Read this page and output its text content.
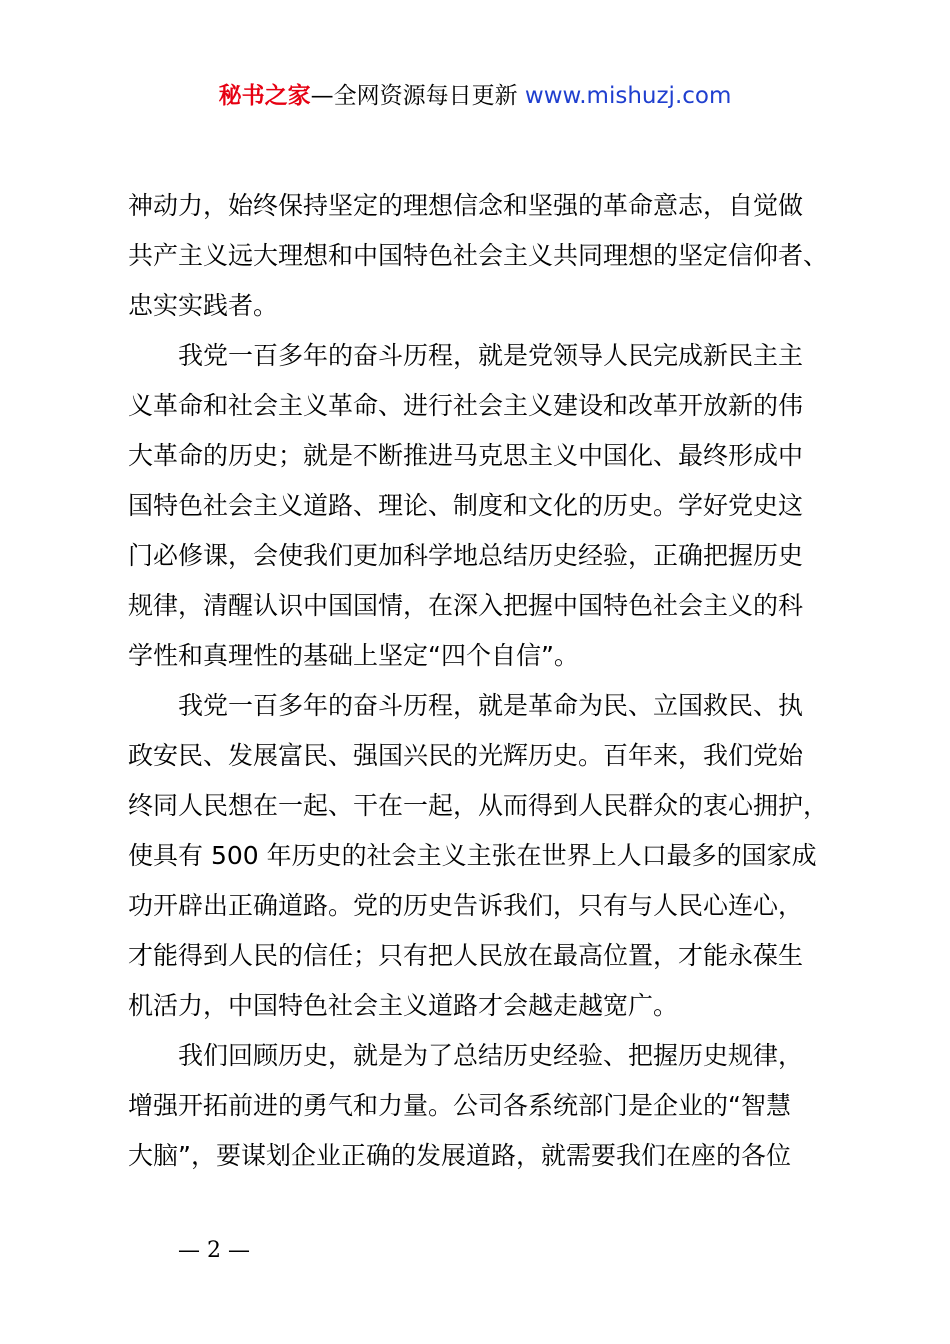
秘书之家—全网资源每日更新 www.mishuzj.com
神动力，始终保持坚定的理想信念和坚强的革命意志，自觉做
共产主义远大理想和中国特色社会主义共同理想的坚定信仰者、
忠实实践者。
我党一百多年的奋斗历程，就是党领导人民完成新民主主
义革命和社会主义革命、进行社会主义建设和改革开放新的伟
大革命的历史；就是不断推进马克思主义中国化、最终形成中
国特色社会主义道路、理论、制度和文化的历史。学好党史这
门必修课，会使我们更加科学地总结历史经验，正确把握历史
规律，清醒认识中国国情，在深入把握中国特色社会主义的科
学性和真理性的基础上坚定“四个自信”。
我党一百多年的奋斗历程，就是革命为民、立国救民、执
政安民、发展富民、强国兴民的光辉历史。百年来，我们党始
终同人民想在一起、干在一起，从而得到人民群众的衷心拥护，
使具有 500 年历史的社会主义主张在世界上人口最多的国家成
功开辟出正确道路。党的历史告诉我们，只有与人民心连心，
才能得到人民的信任；只有把人民放在最高位置，才能永葆生
机活力，中国特色社会主义道路才会越走越宽广。
我们回顾历史，就是为了总结历史经验、把握历史规律，
增强开拓前进的勇气和力量。公司各系统部门是企业的“智慧
大脑”，要谋划企业正确的发展道路，就需要我们在座的各位
— 2 —
